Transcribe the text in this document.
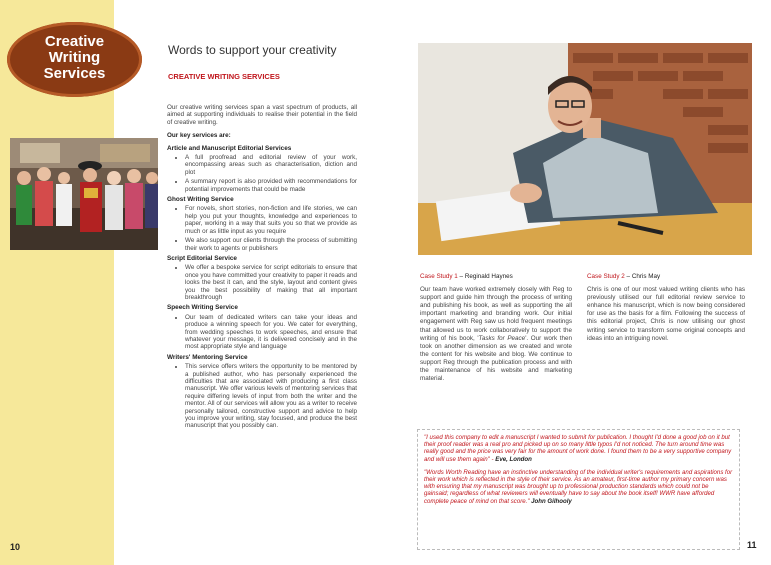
Creative
Writing
Services
Words to support your creativity
CREATIVE WRITING SERVICES

Our creative writing services span a vast spectrum of products, all aimed at supporting individuals to realise their potential in the field of creative writing.

Our key services are:

Article and Manuscript Editorial Services
• A full proofread and editorial review of your work, encompassing areas such as characterisation, diction and plot
• A summary report is also provided with recommendations for potential improvements that could be made
Ghost Writing Service
• For novels, short stories, non-fiction and life stories, we can help you put your thoughts, knowledge and experiences to paper, working in a way that suits you so that we provide as much or as little input as you require
• We also support our clients through the process of submitting their work to agents or publishers
Script Editorial Service
• We offer a bespoke service for script editorials to ensure that once you have committed your creativity to paper it reads and looks the best it can, and the style, layout and content gives you the best possibility of making that all important breakthrough
Speech Writing Service
• Our team of dedicated writers can take your ideas and produce a winning speech for you. We cater for everything, from wedding speeches to work speeches, and ensure that whatever your message, it is delivered concisely and in the most appropriate style and language
Writers' Mentoring Service
• This service offers writers the opportunity to be mentored by a published author, who has personally experienced the difficulties that are associated with producing a first class manuscript. We offer various levels of mentoring services that require differing levels of input from both the writer and the mentor. All of our services will allow you as a writer to receive personally tailored, constructive support and advice to help you improve your writing, stay focused, and produce the best manuscript that you possibly can.
10
Case Study 1 – Reginald Haynes

Our team have worked extremely closely with Reg to support and guide him through the process of writing and publishing his book, as well as supporting the all important marketing and branding work. Our initial engagement with Reg saw us hold frequent meetings that allowed us to work collaboratively to support the writing of his book, 'Tasks for Peace'. Our work then took on another dimension as we created and wrote the content for his website and blog. We continue to support Reg through the publication process and with the maintenance of his website and marketing material.

Case Study 2 – Chris May

Chris is one of our most valued writing clients who has previously utilised our full editorial review service to enhance his manuscript, which is now being considered for use as the basis for a film. Following the success of this editorial project, Chris is now utilising our ghost writing service to transform some original concepts and ideas into an intriguing novel.

"I used this company to edit a manuscript I wanted to submit for publication. I thought I'd done a good job on it but their proof reader was a real pro and picked up on so many little typos I'd not noticed. The turn around time was really good and the price was very fair for the amount of work done. I found them to be a very supportive company and will use them again" - Eve, London

"Words Worth Reading have an instinctive understanding of the individual writer's requirements and aspirations for their work which is reflected in the style of their service. As an amateur, first-time author my primary concern was with ensuring that my manuscript was brought up to professional production standards which could not be gainsaid; regardless of what reviewers will eventually have to say about the book itself! WWR have afforded complete peace of mind on that score." John Gilhooly

11
